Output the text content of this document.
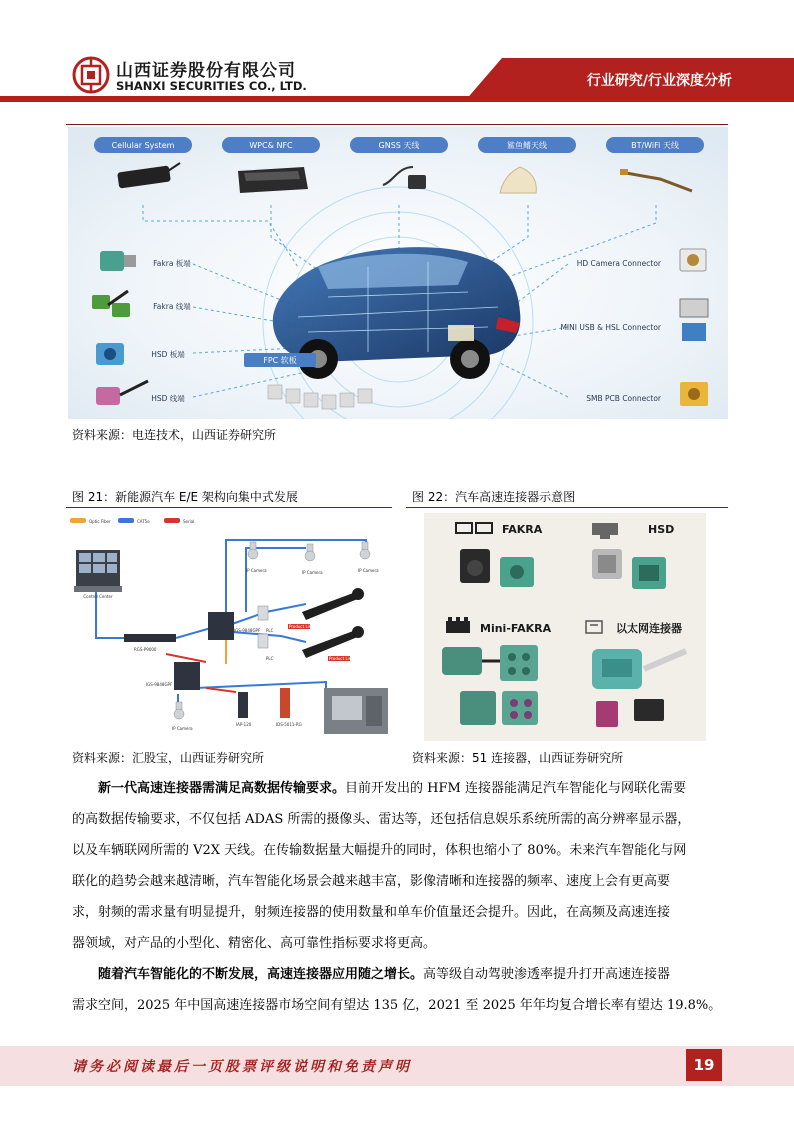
山西证券股份有限公司
SHANXI SECURITIES CO., LTD.	行业研究/行业深度分析
Cellular System	WPC& NFC	GNSS 天线	鲨鱼鳍天线	BT/WiFi 天线
Fakra 板端
Fakra 线端
HSD 板端
HSD 线端
HD Camera Connector
MINI USB & HSL Connector
SMB PCB Connector
FPC 软板
资料来源：电连技术，山西证券研究所
图 21：新能源汽车 E/E 架构向集中式发展	图 22：汽车高速连接器示意图
Optic Fiber	CAT5e	Serial
Control Center
RGS-P9000
IGS-9848GPF
IGS-9848GPF
IP Camera	IP Camera	IP Camera
IP Camera
PLC
PLC
Product Line
Product Line
IAP-120	IDS-5011-RG
FAKRA	HSD
Mini-FAKRA	以太网连接器
资料来源：汇股宝，山西证券研究所	资料来源：51 连接器，山西证券研究所
新一代高速连接器需满足高数据传输要求。目前开发出的 HFM 连接器能满足汽车智能化与网联化需要
的高数据传输要求，不仅包括 ADAS 所需的摄像头、雷达等，还包括信息娱乐系统所需的高分辨率显示器，
以及车辆联网所需的 V2X 天线。在传输数据量大幅提升的同时，体积也缩小了 80%。未来汽车智能化与网
联化的趋势会越来越清晰，汽车智能化场景会越来越丰富，影像清晰和连接器的频率、速度上会有更高要
求，射频的需求量有明显提升，射频连接器的使用数量和单车价值量还会提升。因此，在高频及高速连接
器领域，对产品的小型化、精密化、高可靠性指标要求将更高。
随着汽车智能化的不断发展，高速连接器应用随之增长。高等级自动驾驶渗透率提升打开高速连接器
需求空间，2025 年中国高速连接器市场空间有望达 135 亿，2021 至 2025 年年均复合增长率有望达 19.8%。
请务必阅读最后一页股票评级说明和免责声明	19
